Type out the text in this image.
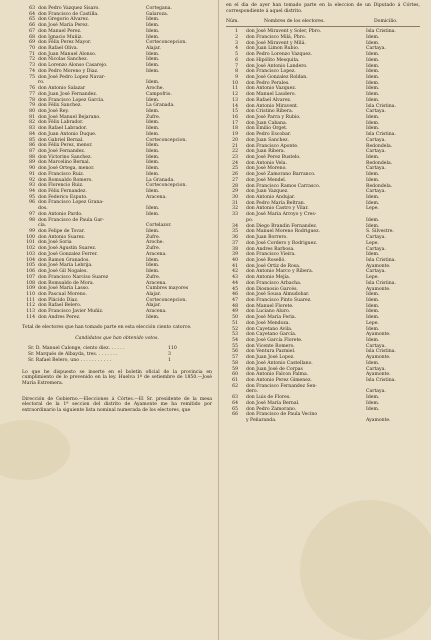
63 don Pedro Vazquez Sisaro.	Cortegana.
64 don Francisco de Castilla.	Galaroza.
65 don Gregorio Alvarez.	Idem.
66 don José María Perez.	Idem.
67 don Manuel Perez.	Idem.
68 don Ignacio Muñiz.	Idem.
69 don Félix Perez Mayor.	Corteconcepcion.
70 don Rafael Oliva.	Alajar.
71 don Juan Manuel Alonso.	Idem.
72 don Nicolas Sanchez.	Idem.
73 don Lorenzo Alonso Casarejo.	Idem.
74 don Pedro Moreno y Diaz.	Idem.
75 don José Pedro Lopez Navar-
ro.	Idem.
76 don Antonio Salazar	Aroche.
77 don Juan José Fernandez.	Campofrio.
78 don Francisco Lopez García.	Idem.
79 don Félix Sanchez.	La Granada.
80 don José Rey.	Idem.
81 don José Manuel Bejarano.	Zufre.
82 don Félix Labrador.	Idem.
83 don Rafael Labrador.	Idem.
84 don Juan Antonio Duque.	Idem.
85 don Gabriel Bernal.	Corteconcepcion.
86 don Félix Perez, menor.	Idem.
87 don José Fernandez.	Idem.
88 don Victorino Sanchez.	Idem.
89 don Marcelino Bernal.	Idem.
90 don José Ortega, menor.	Idem.
91 don Francisco Ruiz.	Idem.
92 don Romualdo Romero.	La Granada.
93 don Florencio Ruiz.	Corteconcepcion.
94 don Félix Fernandez.	Idem.
95 don Federico Esputo.	Aracena.
96 don Francisco Lopez Grana-
dos.	Idem.
97 don Antonio Pardo.	Idem.
98 don Francisco de Paula Gar-
cía.	Cortelazor.
99 don Felipe de Tovar.	Idem.
100 don Antonio Suarez.	Zufre.
101 don José Soria	Aroche.
102 don José Agustin Suarez.	Zufre.
103 don José Gonzalez Ferrer.	Aracena.
104 don Ramon Granados.	Idem.
105 don José María Lebrija.	Idem.
106 don José Gil Nogales.	Idem.
107 don Francisco Narciso Suarez	Zufre.
108 don Romualdo de Mora.	Aracena.
109 don José María Lasso.	Cumbres mayores
110 don Pascual Moreno.	Alajar.
111 don Plácido Diaz.	Corteconcepcion.
112 don Rafael Belero.	Alajar.
113 don Francisco Javier Muñiz.	Aracena.
114 don Andres Perez.	Idem.

Total de electores que han tomado parte en esta elección ciento catorce.

Candidatos que han obtenido votos.
Sr. D. Manuel Calonge, ciento diez. . . . . .	110
Sr. Marqués de Albayda, tres. . . . . . . .	3
Sr. Rafael Belero, uno . . . . . . . . . . .	1

Lo que he dispuesto se inserte en el boletín oficial de la provincia en cumplimiento de lo prevenido en la ley. Huelva 1º de setiembre de 1850.—José María Estremera.

Dirección de Gobierno.—Elecciones á Córtes.—El Sr. presidente de la mesa electoral de la 1ª seccion del distrito de Ayamonte me ha remitido por extraordinario la siguiente lista nominal numerada de los electores, que

en el dia de ayer han tomado parte en la eleccion de un Diputado á Córtes, correspondiente á aquel distrito.

Núm.	Nombres de los electores.	Domicilio.
1 don José Miravent y Soler, Pbro.	Isla Cristina.
2 don Francisco Milá, Pbro.	Idem.
3 don José Miravent y Milá.	Idem.
4 don Juan Limon Rubio.	Cartaya.
5 don Pedro Lorenzo Vazquez.	Idem.
6 don Hipólito Mesquita.	Idem.
7 don José Antonio Landero.	Idem.
8 don Francisco Lopez.	Idem.
9 don José Gonzalez Roldan.	Idem.
10 don Pedro Perales.	Idem.
11 don Antonio Vazquez.	Idem.
12 don Manuel Laudero.	Idem.
13 don Rafael Alvarez.	Idem.
14 don Antonio Miravent.	Isla Cristina.
15 don Cristino Ribera.	Cartaya.
16 don José Parra y Rubio.	Idem.
17 don Juan Cabana.	Idem.
18 don Emilio Orget.	Idem.
19 don Pedro Escobar.	Isla Cristina.
20 don Juan Sanchez.	Cartaya.
21 don Francisco Aponte.	Redondela.
22 don Juan Ribera.	Cartaya.
23 don José Perez Bustelo.	Idem.
24 don Antonio Vela.	Redondela.
25 don José Moreno.	Cartaya.
26 don José Zamorano Barranco.	Idem.
27 don José Mendel.	Idem.
28 don Francisco Ramos Carrasco.	Redondela.
29 don Juan Vazquez.	Cartaya.
30 don Antonio Andujar.	Idem.
31 don Pedro María Beltran.	Idem.
32 don Antonio Castro y Vilar.	Lepe.
33 don José María Arroyo y Cres-
po.	Idem.
34 don Diego Brandin Fernandez.	Idem.
35 don Manuel Moreno Rodriguez.	S. Silvestre.
36 don Juan Borrero.	Cartaya.
37 don José Cordero y Rodriguez.	Lepe.
38 don Andres Barbosa.	Cartaya.
39 don Francisco Vieira.	Idem.
40 don José Roselló.	Isla Cristina.
41 don José Ortiz de Rosa.	Ayamonte.
42 don Antonio Marco y Ribera.	Cartaya.
43 don Antonio Mejía.	Lepe.
44 don Francisco Arbacha.	Isla Cristina.
45 don Diosnosio Garcés.	Ayamonte.
46 don José Sousa Almudobar.	Idem.
47 don Francisco Pinto Suarez.	Idem.
48 don Manuel Florete.	Idem.
49 don Luciano Aluro.	Idem.
50 don José María Feria.	Idem.
51 don José Mendoza.	Lepe.
52 don Cayetano Avila.	Idem.
53 don Cayetano García.	Ayamonte.
54 don José García Florete.	Idem.
55 don Vicente Romero.	Cartaya.
56 don Ventura Pazmiel.	Isla Cristina.
57 don Juan José Lopez.	Ayamonte.
58 don José Antonio Castellano.	Idem.
59 don Juan José de Corpas	Cartaya.
60 don Antonio Falcon Palma.	Ayamonte.
61 don Antonio Perez Gimenez.	Isla Cristina.
62 don Francisco Fernandez Sen-
dero.	Cartaya.
63 don Luis de Flores.	Idem.
64 don José María Bernal.	Idem.
65 don Pedro Zamorano.	Idem.
66 don Francisco de Paula Vecino
y Peñaranda.	Ayamonte.
